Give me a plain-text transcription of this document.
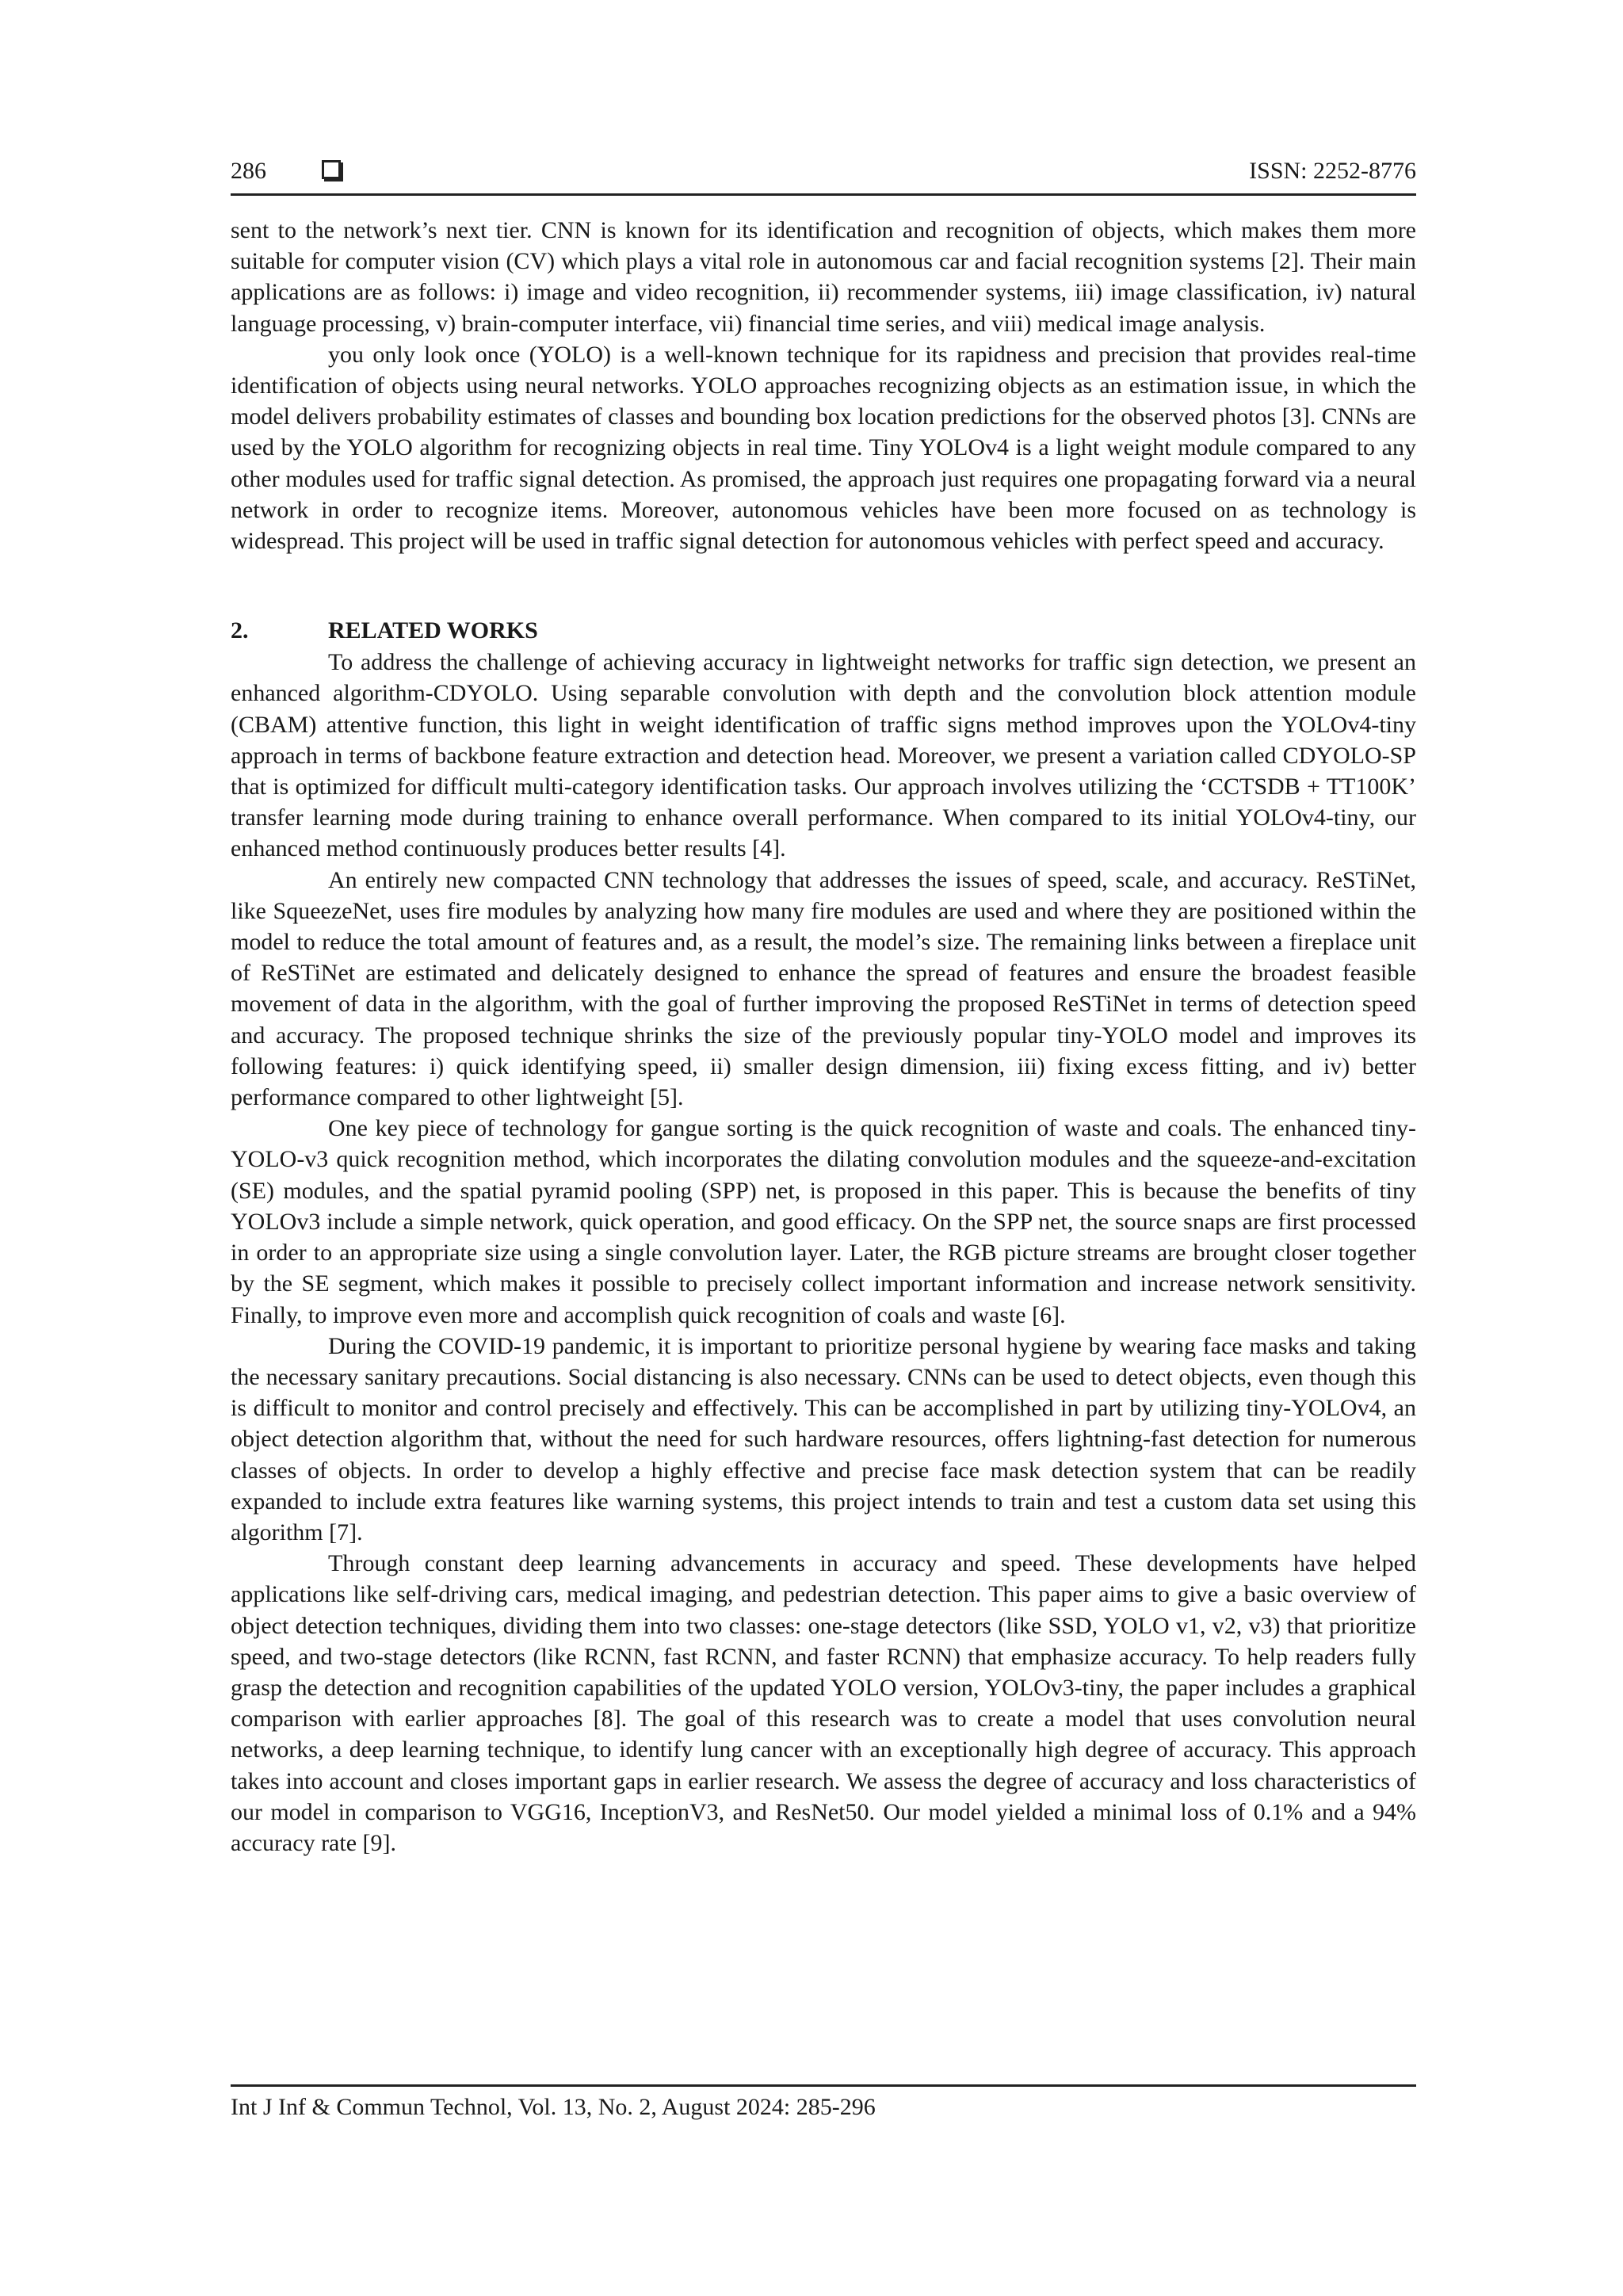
286	ISSN: 2252-8776

sent to the network’s next tier. CNN is known for its identification and recognition of objects, which makes them more suitable for computer vision (CV) which plays a vital role in autonomous car and facial recognition systems [2]. Their main applications are as follows: i) image and video recognition, ii) recommender systems, iii) image classification, iv) natural language processing, v) brain-computer interface, vii) financial time series, and viii) medical image analysis.

you only look once (YOLO) is a well-known technique for its rapidness and precision that provides real-time identification of objects using neural networks. YOLO approaches recognizing objects as an estimation issue, in which the model delivers probability estimates of classes and bounding box location predictions for the observed photos [3]. CNNs are used by the YOLO algorithm for recognizing objects in real time. Tiny YOLOv4 is a light weight module compared to any other modules used for traffic signal detection. As promised, the approach just requires one propagating forward via a neural network in order to recognize items. Moreover, autonomous vehicles have been more focused on as technology is widespread. This project will be used in traffic signal detection for autonomous vehicles with perfect speed and accuracy.

2.	RELATED WORKS

To address the challenge of achieving accuracy in lightweight networks for traffic sign detection, we present an enhanced algorithm-CDYOLO. Using separable convolution with depth and the convolution block attention module (CBAM) attentive function, this light in weight identification of traffic signs method improves upon the YOLOv4-tiny approach in terms of backbone feature extraction and detection head. Moreover, we present a variation called CDYOLO-SP that is optimized for difficult multi-category identification tasks. Our approach involves utilizing the ‘CCTSDB + TT100K’ transfer learning mode during training to enhance overall performance. When compared to its initial YOLOv4-tiny, our enhanced method continuously produces better results [4].

An entirely new compacted CNN technology that addresses the issues of speed, scale, and accuracy. ReSTiNet, like SqueezeNet, uses fire modules by analyzing how many fire modules are used and where they are positioned within the model to reduce the total amount of features and, as a result, the model’s size. The remaining links between a fireplace unit of ReSTiNet are estimated and delicately designed to enhance the spread of features and ensure the broadest feasible movement of data in the algorithm, with the goal of further improving the proposed ReSTiNet in terms of detection speed and accuracy. The proposed technique shrinks the size of the previously popular tiny-YOLO model and improves its following features: i) quick identifying speed, ii) smaller design dimension, iii) fixing excess fitting, and iv) better performance compared to other lightweight [5].

One key piece of technology for gangue sorting is the quick recognition of waste and coals. The enhanced tiny-YOLO-v3 quick recognition method, which incorporates the dilating convolution modules and the squeeze-and-excitation (SE) modules, and the spatial pyramid pooling (SPP) net, is proposed in this paper. This is because the benefits of tiny YOLOv3 include a simple network, quick operation, and good efficacy. On the SPP net, the source snaps are first processed in order to an appropriate size using a single convolution layer. Later, the RGB picture streams are brought closer together by the SE segment, which makes it possible to precisely collect important information and increase network sensitivity. Finally, to improve even more and accomplish quick recognition of coals and waste [6].

During the COVID-19 pandemic, it is important to prioritize personal hygiene by wearing face masks and taking the necessary sanitary precautions. Social distancing is also necessary. CNNs can be used to detect objects, even though this is difficult to monitor and control precisely and effectively. This can be accomplished in part by utilizing tiny-YOLOv4, an object detection algorithm that, without the need for such hardware resources, offers lightning-fast detection for numerous classes of objects. In order to develop a highly effective and precise face mask detection system that can be readily expanded to include extra features like warning systems, this project intends to train and test a custom data set using this algorithm [7].

Through constant deep learning advancements in accuracy and speed. These developments have helped applications like self-driving cars, medical imaging, and pedestrian detection. This paper aims to give a basic overview of object detection techniques, dividing them into two classes: one-stage detectors (like SSD, YOLO v1, v2, v3) that prioritize speed, and two-stage detectors (like RCNN, fast RCNN, and faster RCNN) that emphasize accuracy. To help readers fully grasp the detection and recognition capabilities of the updated YOLO version, YOLOv3-tiny, the paper includes a graphical comparison with earlier approaches [8]. The goal of this research was to create a model that uses convolution neural networks, a deep learning technique, to identify lung cancer with an exceptionally high degree of accuracy. This approach takes into account and closes important gaps in earlier research. We assess the degree of accuracy and loss characteristics of our model in comparison to VGG16, InceptionV3, and ResNet50. Our model yielded a minimal loss of 0.1% and a 94% accuracy rate [9].

Int J Inf & Commun Technol, Vol. 13, No. 2, August 2024: 285-296
